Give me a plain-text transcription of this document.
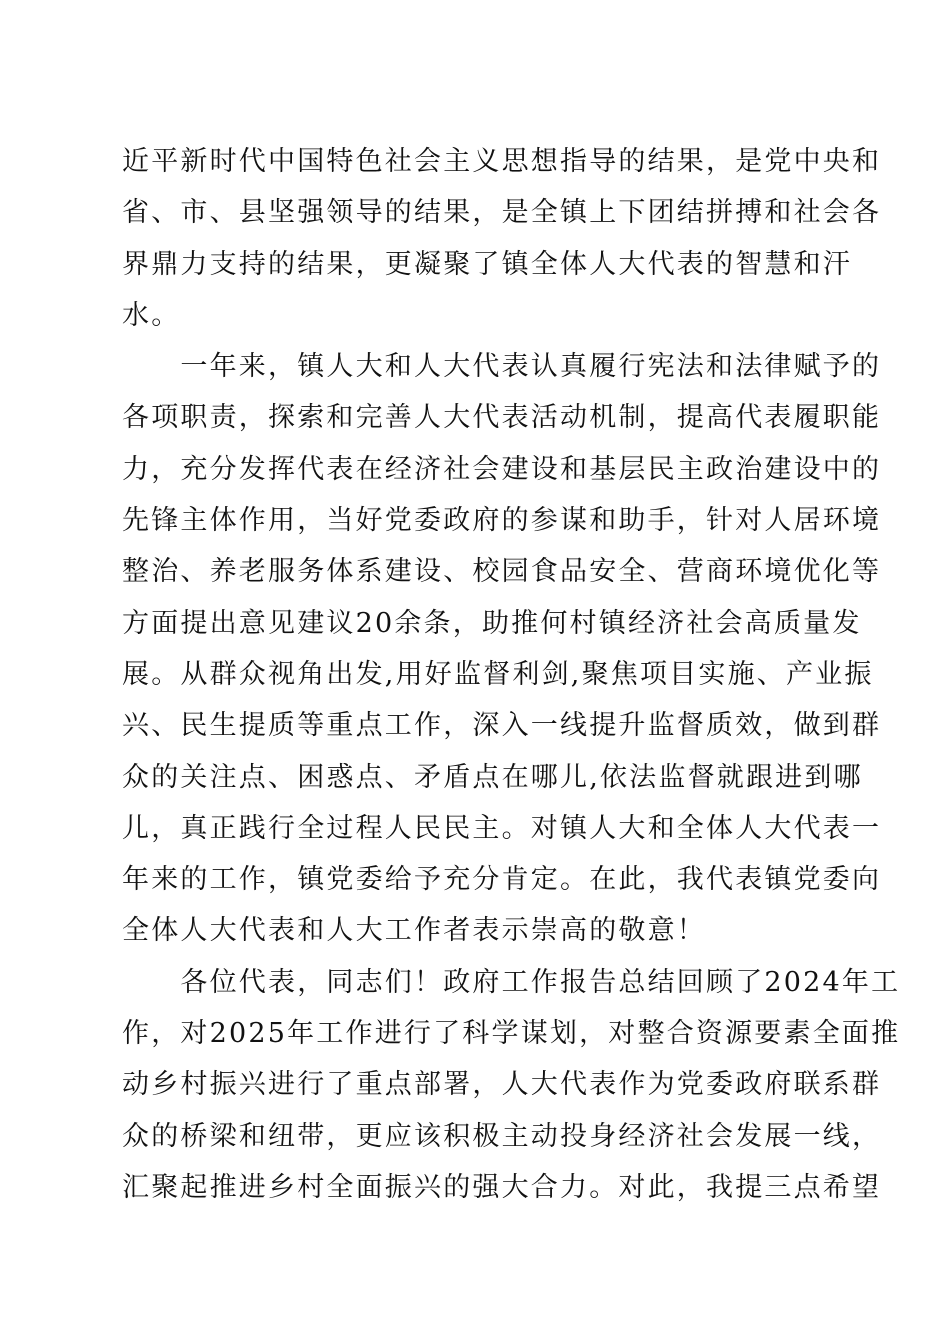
近平新时代中国特色社会主义思想指导的结果，是党中央和
省、市、县坚强领导的结果，是全镇上下团结拼搏和社会各
界鼎力支持的结果，更凝聚了镇全体人大代表的智慧和汗
水。
　　一年来，镇人大和人大代表认真履行宪法和法律赋予的
各项职责，探索和完善人大代表活动机制，提高代表履职能
力，充分发挥代表在经济社会建设和基层民主政治建设中的
先锋主体作用，当好党委政府的参谋和助手，针对人居环境
整治、养老服务体系建设、校园食品安全、营商环境优化等
方面提出意见建议20余条，助推何村镇经济社会高质量发
展。从群众视角出发,用好监督利剑,聚焦项目实施、产业振
兴、民生提质等重点工作，深入一线提升监督质效，做到群
众的关注点、困惑点、矛盾点在哪儿,依法监督就跟进到哪
儿，真正践行全过程人民民主。对镇人大和全体人大代表一
年来的工作，镇党委给予充分肯定。在此，我代表镇党委向
全体人大代表和人大工作者表示崇高的敬意！
　　各位代表，同志们！政府工作报告总结回顾了2024年工
作，对2025年工作进行了科学谋划，对整合资源要素全面推
动乡村振兴进行了重点部署，人大代表作为党委政府联系群
众的桥梁和纽带，更应该积极主动投身经济社会发展一线，
汇聚起推进乡村全面振兴的强大合力。对此，我提三点希望
